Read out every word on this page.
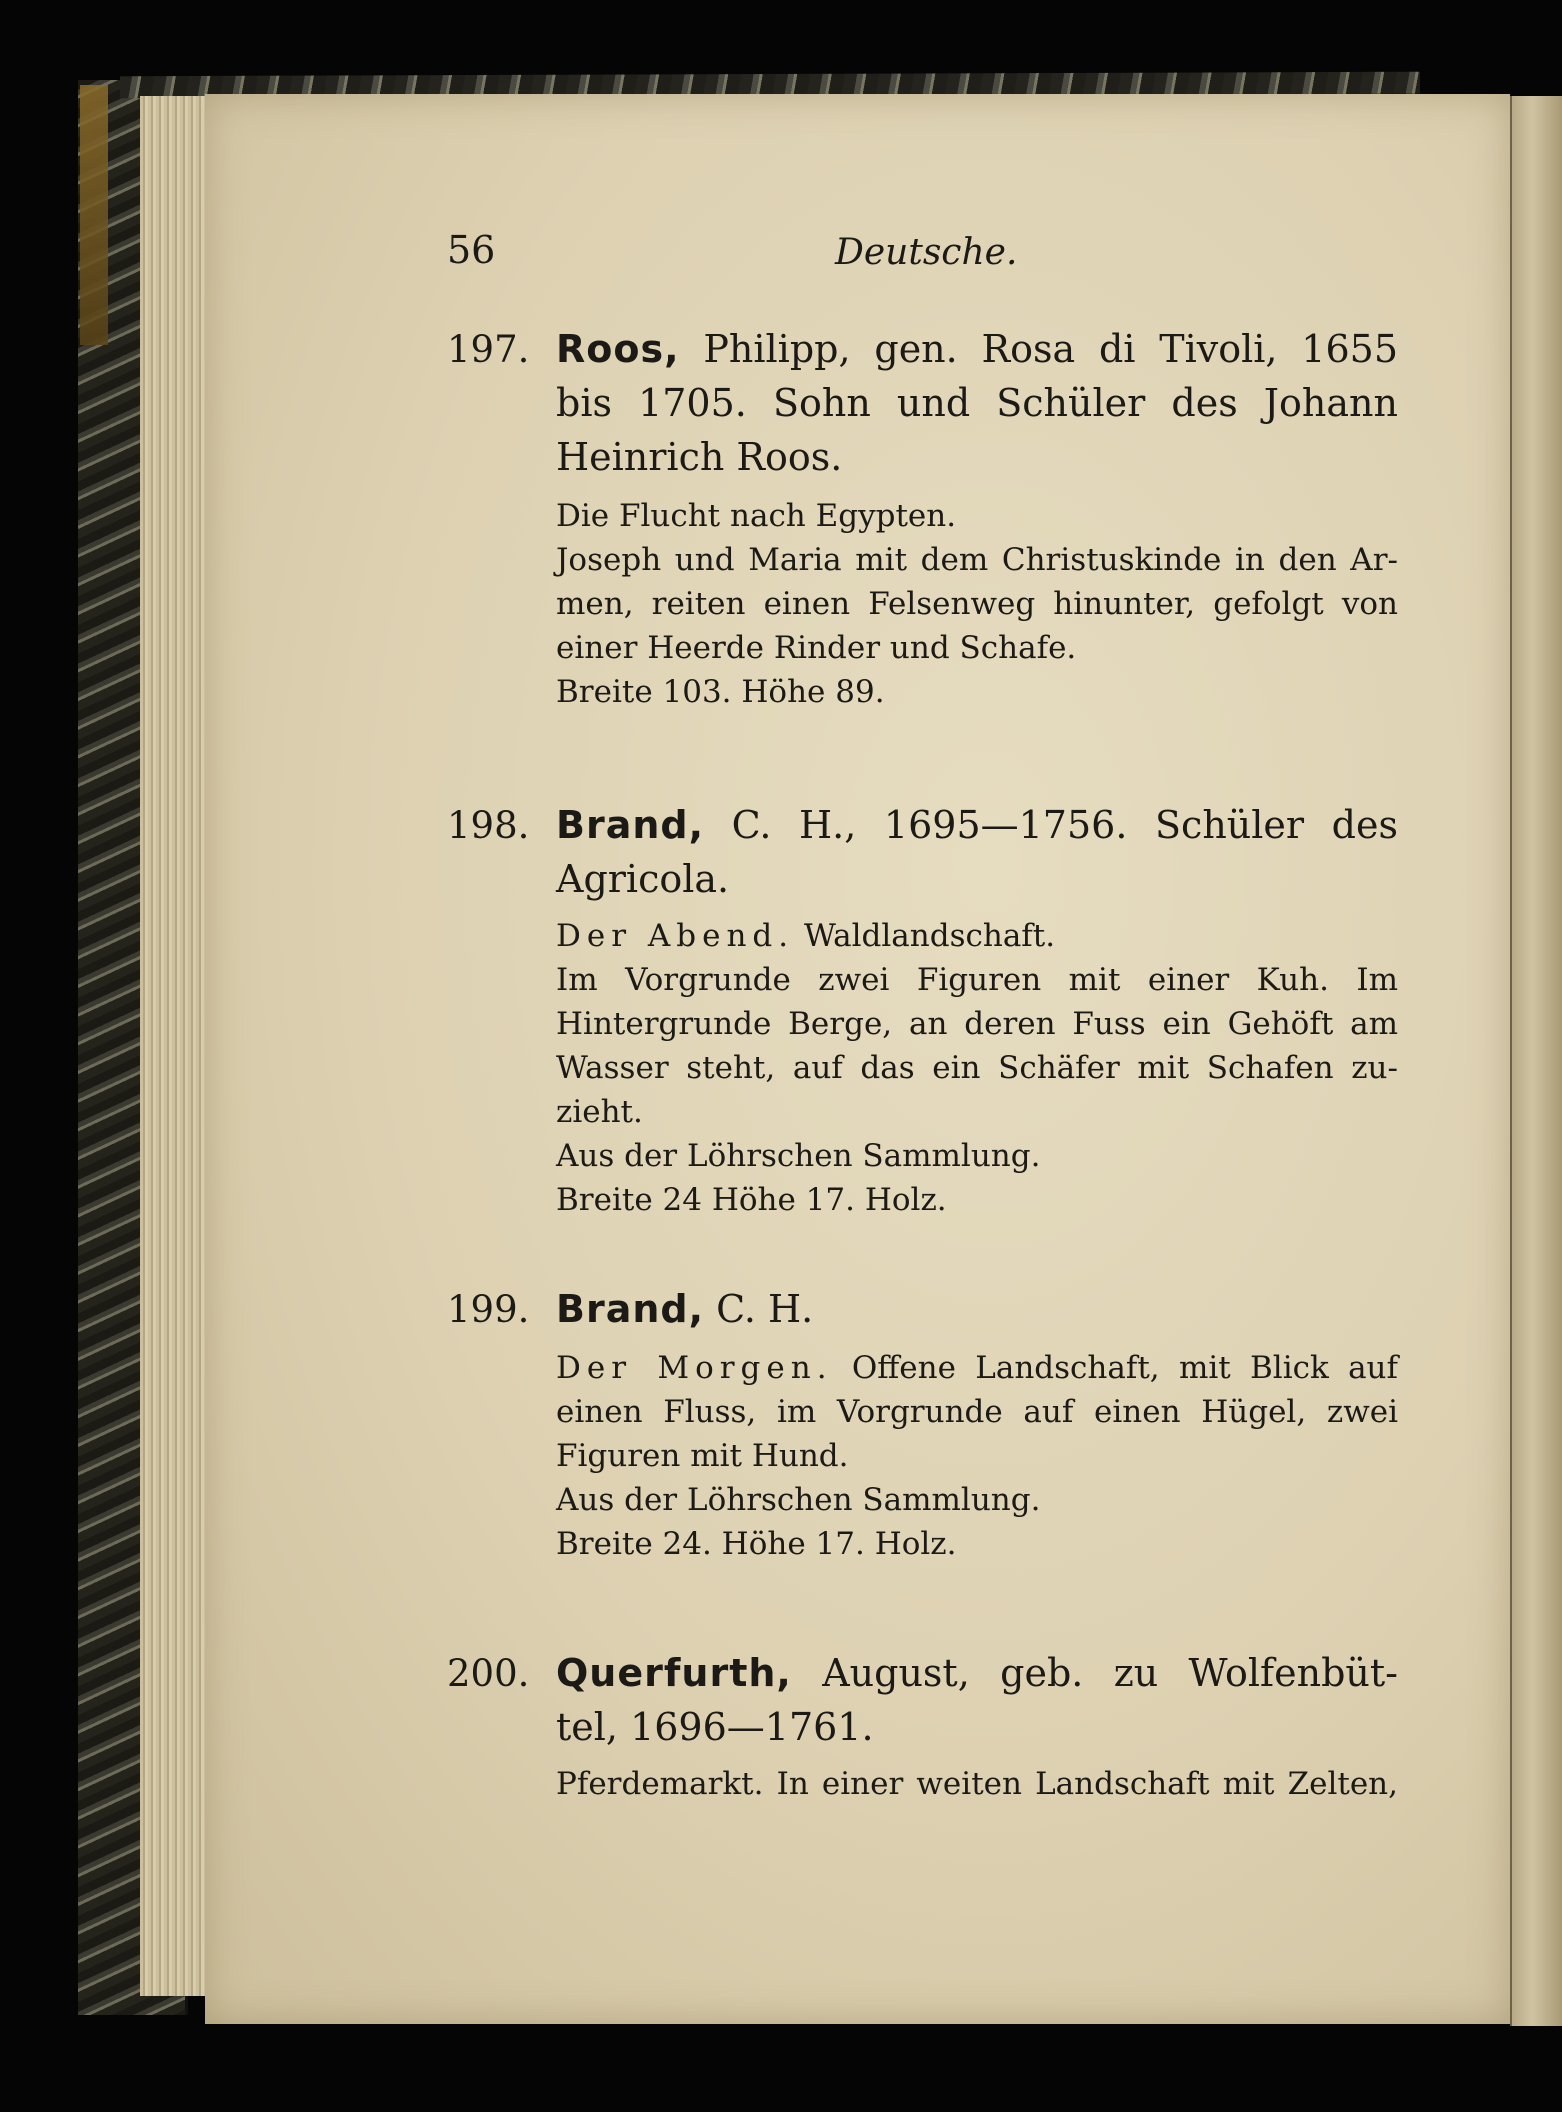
56	Deutsche.
197. Roos, Philipp, gen. Rosa di Tivoli, 1655
bis 1705. Sohn und Schüler des Johann
Heinrich Roos.
Die Flucht nach Egypten.
Joseph und Maria mit dem Christuskinde in den Ar-
men, reiten einen Felsenweg hinunter, gefolgt von
einer Heerde Rinder und Schafe.
Breite 103. Höhe 89.
198. Brand, C. H., 1695—1756. Schüler des
Agricola.
Der Abend. Waldlandschaft.
Im Vorgrunde zwei Figuren mit einer Kuh. Im
Hintergrunde Berge, an deren Fuss ein Gehöft am
Wasser steht, auf das ein Schäfer mit Schafen zu-
zieht.
Aus der Löhrschen Sammlung.
Breite 24 Höhe 17. Holz.
199. Brand, C. H.
Der Morgen. Offene Landschaft, mit Blick auf
einen Fluss, im Vorgrunde auf einen Hügel, zwei
Figuren mit Hund.
Aus der Löhrschen Sammlung.
Breite 24. Höhe 17. Holz.
200. Querfurth, August, geb. zu Wolfenbüt-
tel, 1696—1761.
Pferdemarkt. In einer weiten Landschaft mit Zelten,
